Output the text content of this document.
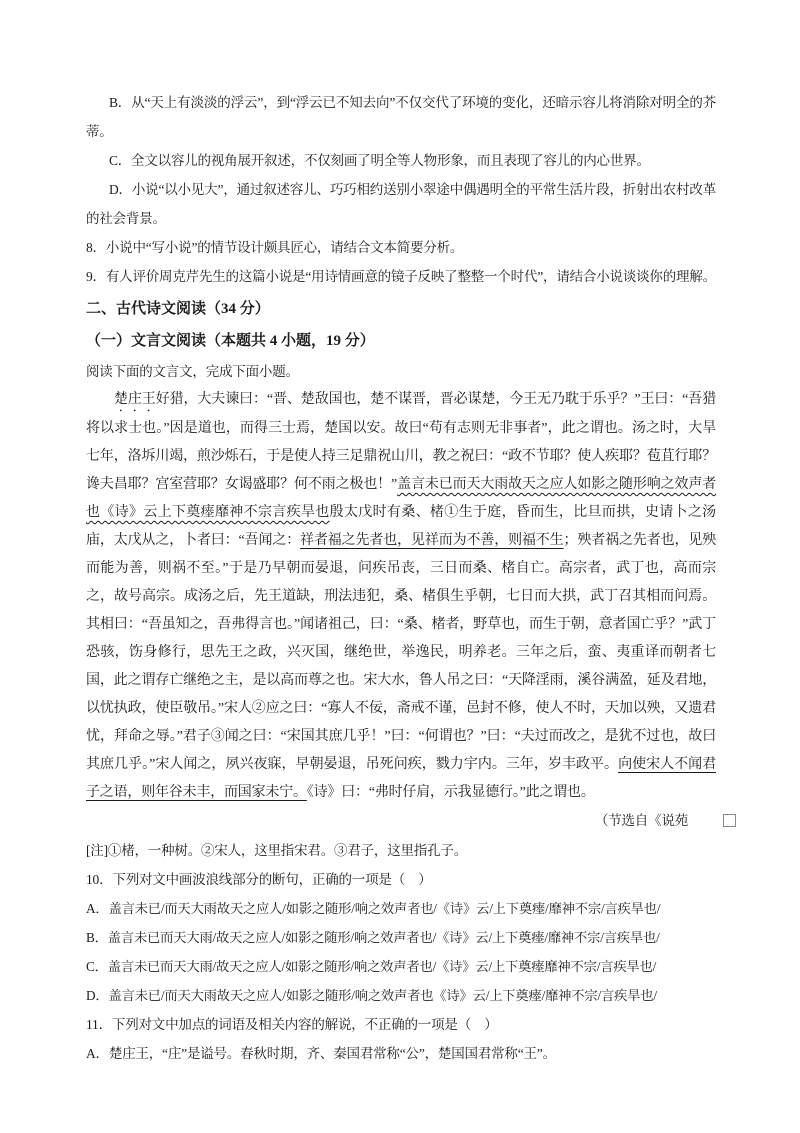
B．从“天上有淡淡的浮云”，到“浮云已不知去向”不仅交代了环境的变化，还暗示容儿将消除对明全的芥蒂。

C．全文以容儿的视角展开叙述，不仅刻画了明全等人物形象，而且表现了容儿的内心世界。

D．小说“以小见大”，通过叙述容儿、巧巧相约送别小翠途中偶遇明全的平常生活片段，折射出农村改革的社会背景。

8．小说中“写小说”的情节设计颇具匠心，请结合文本简要分析。

9．有人评价周克芹先生的这篇小说是“用诗情画意的镜子反映了整整一个时代”，请结合小说谈谈你的理解。

二、古代诗文阅读（34 分）
（一）文言文阅读（本题共 4 小题，19 分）

阅读下面的文言文，完成下面小题。

楚庄王好猎，大夫谏曰：“晋、楚敌国也，楚不谋晋，晋必谋楚，今王无乃耽于乐乎？”王曰：“吾猎将以求士也。”因是道也，而得三士焉，楚国以安。故曰“苟有志则无非事者”，此之谓也。汤之时，大旱七年，洛坼川竭，煎沙烁石，于是使人持三足鼎祝山川，教之祝曰：“政不节耶？使人疾耶？苞苴行耶？谗夫昌耶？宫室营耶？女谒盛耶？何不雨之极也！”盖言未已而天大雨故天之应人如影之随形响之效声者也《诗》云上下奠瘗靡神不宗言疾旱也殷太戊时有桑、楮①生于庭，昏而生，比旦而拱，史请卜之汤庙，太戊从之，卜者曰：“吾闻之：祥者福之先者也，见祥而为不善，则福不生；殃者祸之先者也，见殃而能为善，则祸不至。”于是乃早朝而晏退，问疾吊丧，三日而桑、楮自亡。高宗者，武丁也，高而宗之，故号高宗。成汤之后，先王道缺，刑法违犯，桑、楮俱生乎朝，七日而大拱，武丁召其相而问焉。其相曰：“吾虽知之，吾弗得言也。”闻诸祖己，曰：“桑、楮者，野草也，而生于朝，意者国亡乎？”武丁恐骇，饬身修行，思先王之政，兴灭国，继绝世，举逸民，明养老。三年之后，蛮、夷重译而朝者七国，此之谓存亡继绝之主，是以高而尊之也。宋大水，鲁人吊之曰：“天降淫雨，溪谷满盈，延及君地，以忧执政，使臣敬吊。”宋人②应之曰：“寡人不佞，斋戒不谨，邑封不修，使人不时，天加以殃，又遗君忧，拜命之辱。”君子③闻之曰：“宋国其庶几乎！”曰：“何谓也？”曰：“夫过而改之，是犹不过也，故曰其庶几乎。”宋人闻之，夙兴夜寐，早朝晏退，吊死问疾，戮力宇内。三年，岁丰政平。向使宋人不闻君子之语，则年谷未丰，而国家未宁。《诗》曰：“弗时仔肩，示我显德行。”此之谓也。

（节选自《说苑

[注]①楮，一种树。②宋人，这里指宋君。③君子，这里指孔子。

10．下列对文中画波浪线部分的断句，正确的一项是（　）

A．盖言未已/而天大雨故天之应人/如影之随形/响之效声者也/《诗》云/上下奠瘗/靡神不宗/言疾旱也/

B．盖言未已而天大雨/故天之应人/如影之随形/响之效声者也/《诗》云/上下奠瘗/靡神不宗/言疾旱也/

C．盖言未已而天大雨/故天之应人/如影之随形/响之效声者也/《诗》云/上下奠瘗靡神不宗/言疾旱也/

D．盖言未已/而天大雨故天之应人/如影之随形/响之效声者也《诗》云/上下奠瘗/靡神不宗/言疾旱也/

11．下列对文中加点的词语及相关内容的解说，不正确的一项是（　）

A．楚庄王，“庄”是谥号。春秋时期，齐、秦国君常称“公”，楚国国君常称“王”。
